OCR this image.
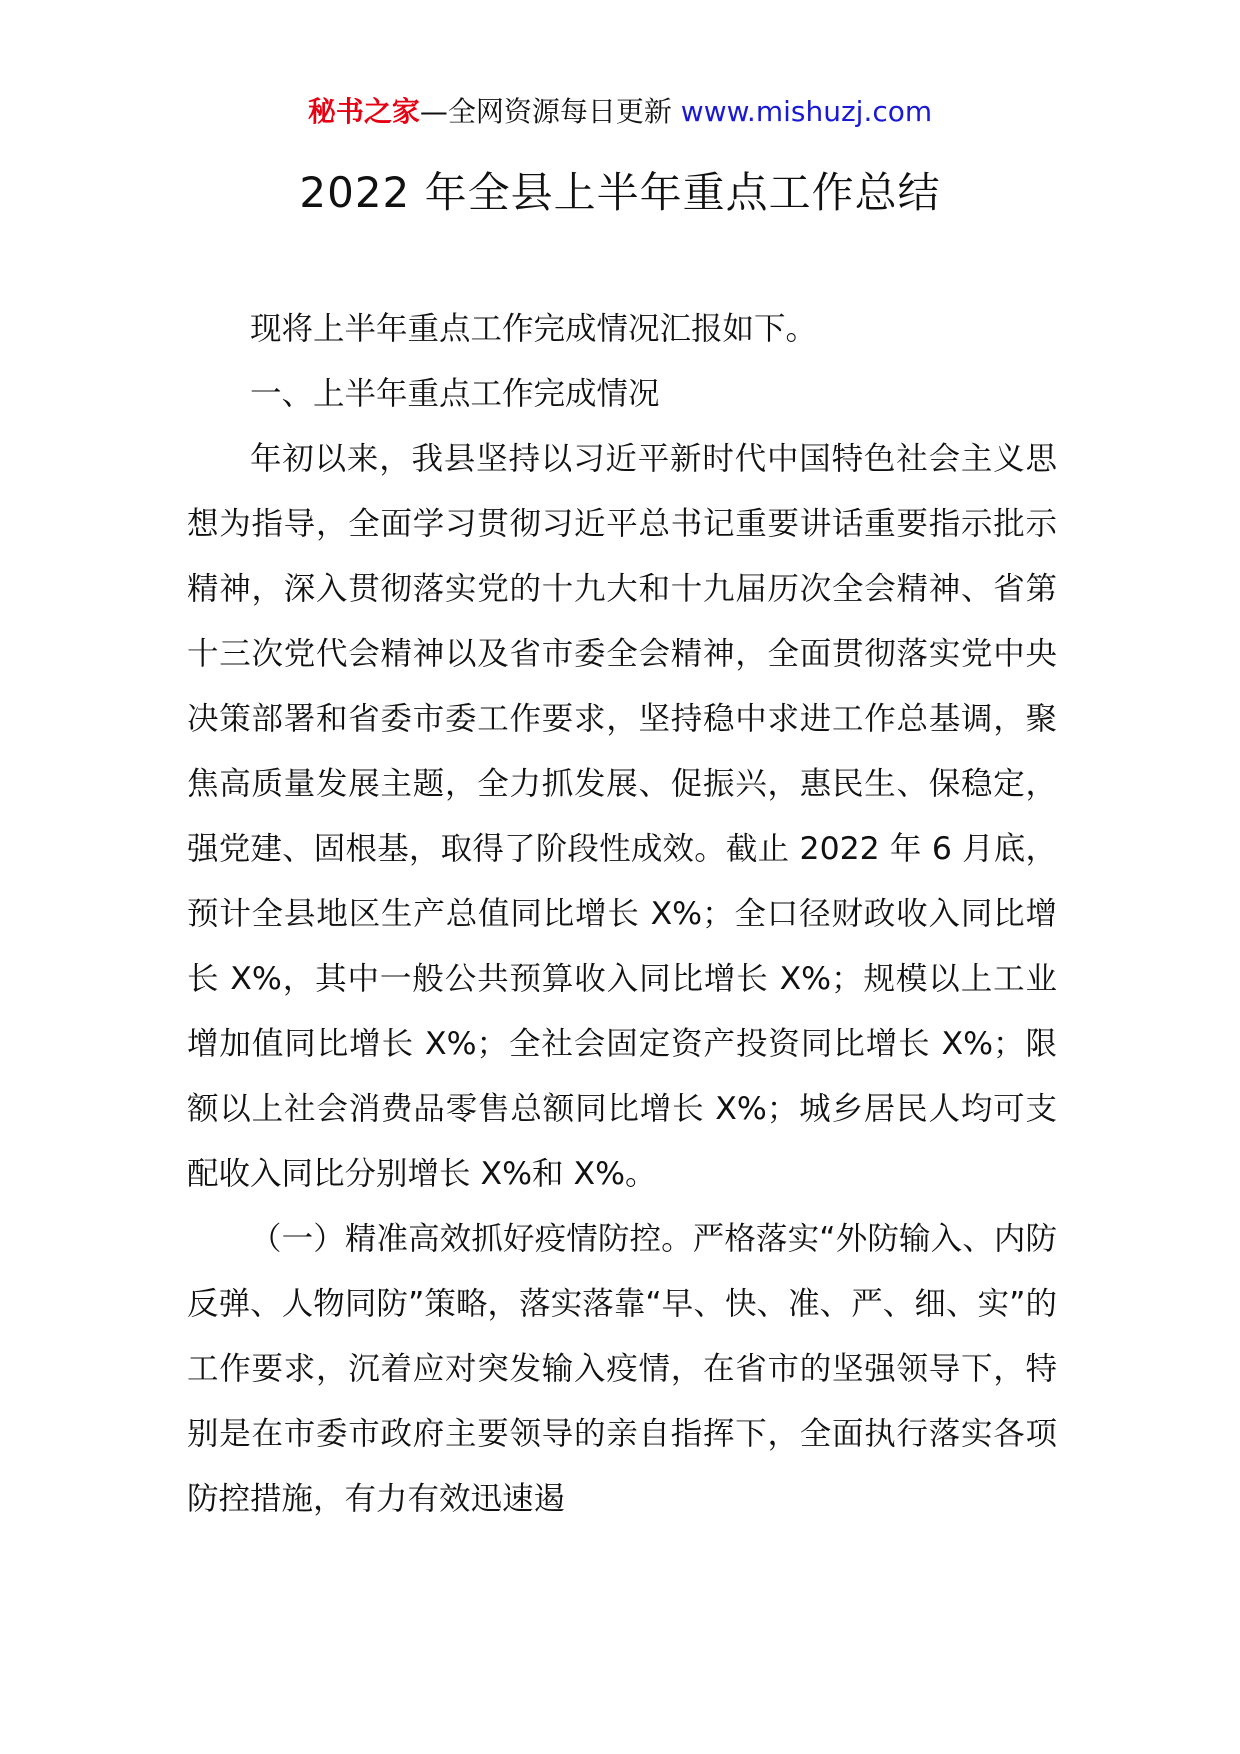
秘书之家—全网资源每日更新 www.mishuzj.com
2022 年全县上半年重点工作总结

现将上半年重点工作完成情况汇报如下。

一、上半年重点工作完成情况

年初以来，我县坚持以习近平新时代中国特色社会主义思想为指导，全面学习贯彻习近平总书记重要讲话重要指示批示精神，深入贯彻落实党的十九大和十九届历次全会精神、省第十三次党代会精神以及省市委全会精神，全面贯彻落实党中央决策部署和省委市委工作要求，坚持稳中求进工作总基调，聚焦高质量发展主题，全力抓发展、促振兴，惠民生、保稳定，强党建、固根基，取得了阶段性成效。截止 2022 年 6 月底，预计全县地区生产总值同比增长 X%；全口径财政收入同比增长 X%，其中一般公共预算收入同比增长 X%；规模以上工业增加值同比增长 X%；全社会固定资产投资同比增长 X%；限额以上社会消费品零售总额同比增长 X%；城乡居民人均可支配收入同比分别增长 X%和 X%。

（一）精准高效抓好疫情防控。严格落实“外防输入、内防反弹、人物同防”策略，落实落靠“早、快、准、严、细、实”的工作要求，沉着应对突发输入疫情，在省市的坚强领导下，特别是在市委市政府主要领导的亲自指挥下，全面执行落实各项防控措施，有力有效迅速遏
